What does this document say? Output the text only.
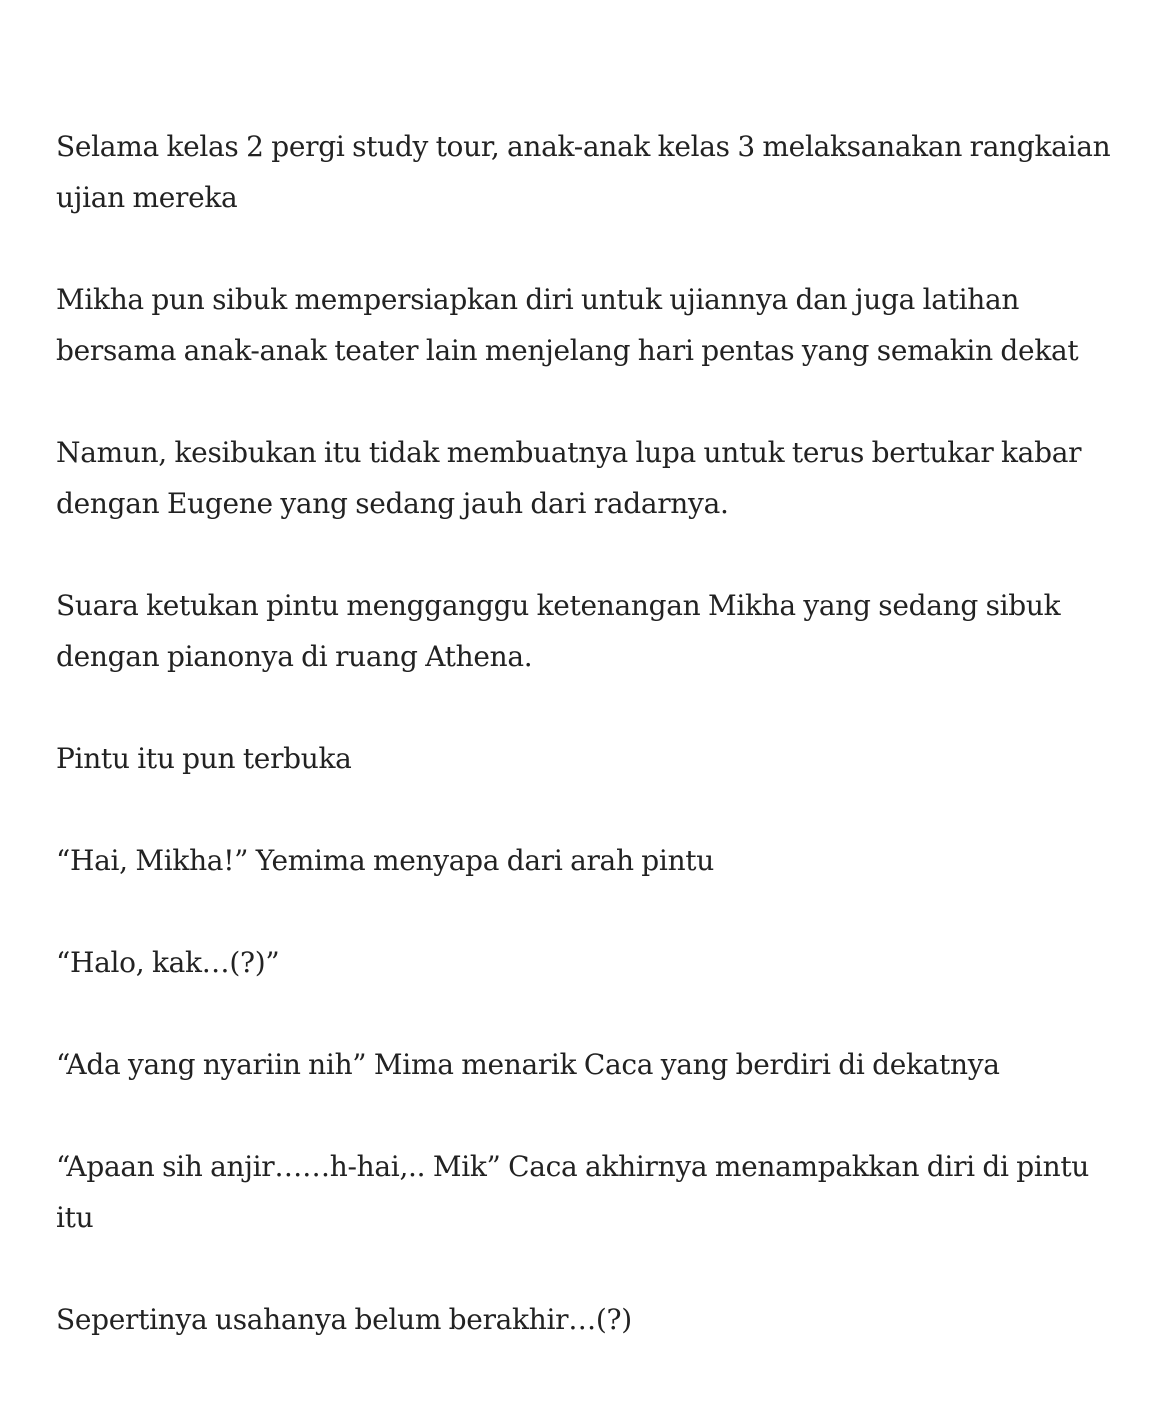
Selama kelas 2 pergi study tour, anak-anak kelas 3 melaksanakan rangkaian ujian mereka

Mikha pun sibuk mempersiapkan diri untuk ujiannya dan juga latihan bersama anak-anak teater lain menjelang hari pentas yang semakin dekat

Namun, kesibukan itu tidak membuatnya lupa untuk terus bertukar kabar dengan Eugene yang sedang jauh dari radarnya.

Suara ketukan pintu mengganggu ketenangan Mikha yang sedang sibuk dengan pianonya di ruang Athena.

Pintu itu pun terbuka

“Hai, Mikha!” Yemima menyapa dari arah pintu

“Halo, kak…(?)”

“Ada yang nyariin nih” Mima menarik Caca yang berdiri di dekatnya

“Apaan sih anjir……h-hai,.. Mik” Caca akhirnya menampakkan diri di pintu itu

Sepertinya usahanya belum berakhir…(?)
